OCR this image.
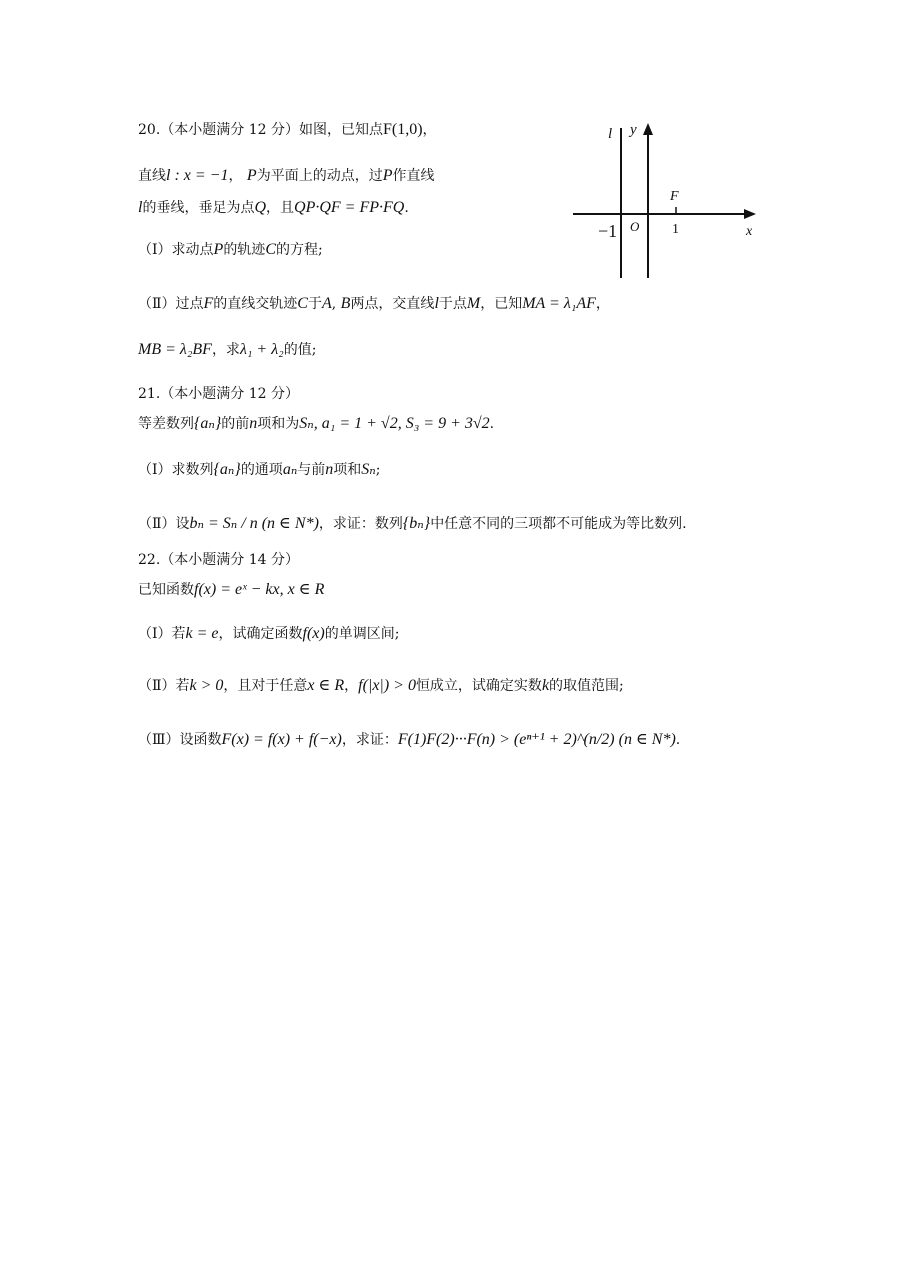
20.（本小题满分 12 分）如图，已知点F(1,0)，
直线l : x = −1， P为平面上的动点，过P作直线
l的垂线，垂足为点Q，且QP·QF = FP·FQ.
（Ⅰ）求动点P的轨迹C的方程;
（Ⅱ）过点F的直线交轨迹C于A, B两点，交直线l于点M，已知MA = λ₁AF，
MB = λ₂BF，求λ₁ + λ₂的值;
l y
F
−1 O 1	x
21.（本小题满分 12 分）
等差数列{aₙ}的前n项和为Sₙ, a₁ = 1 + √2, S₃ = 9 + 3√2.
（Ⅰ）求数列{aₙ}的通项aₙ与前n项和Sₙ;
（Ⅱ）设bₙ = Sₙ / n (n ∈ N*)，求证：数列{bₙ}中任意不同的三项都不可能成为等比数列.
22.（本小题满分 14 分）
已知函数f(x) = eˣ − kx, x ∈ R
（Ⅰ）若k = e，试确定函数f(x)的单调区间;
（Ⅱ）若k > 0，且对于任意x ∈ R，f(|x|) > 0恒成立，试确定实数k的取值范围;
（Ⅲ）设函数F(x) = f(x) + f(−x)，求证：F(1)F(2)···F(n) > (eⁿ⁺¹ + 2)^(n/2) (n ∈ N*).
